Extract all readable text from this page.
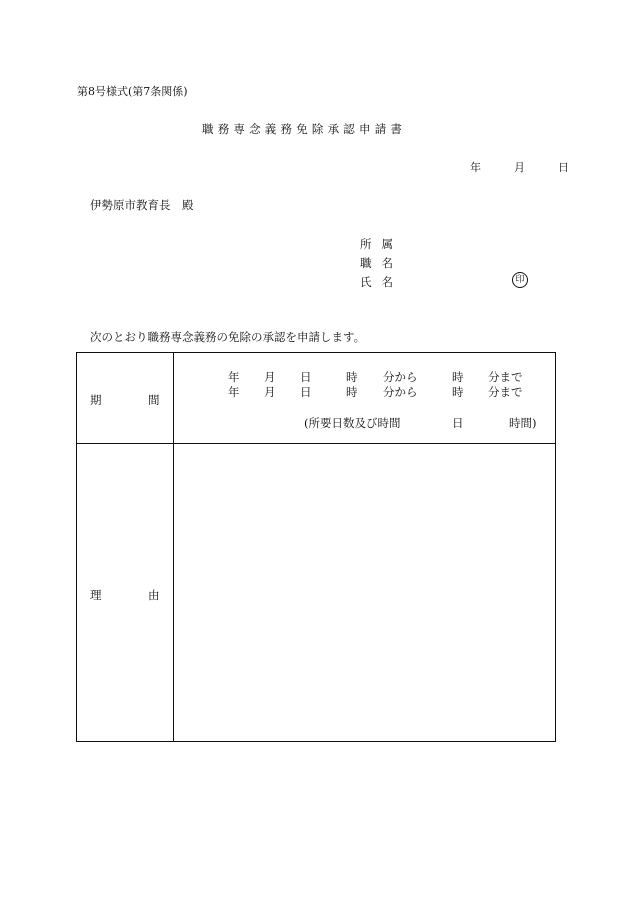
第8号様式(第7条関係)
職務専念義務免除承認申請書
年	月	日
伊勢原市教育長　殿
所属
職名
氏名	印
次のとおり職務専念義務の免除の承認を申請します。
期	間
年 月 日	時 分から	時 分まで
年 月 日	時 分から	時 分まで
(所要日数及び時間	日	時間)
理	由
